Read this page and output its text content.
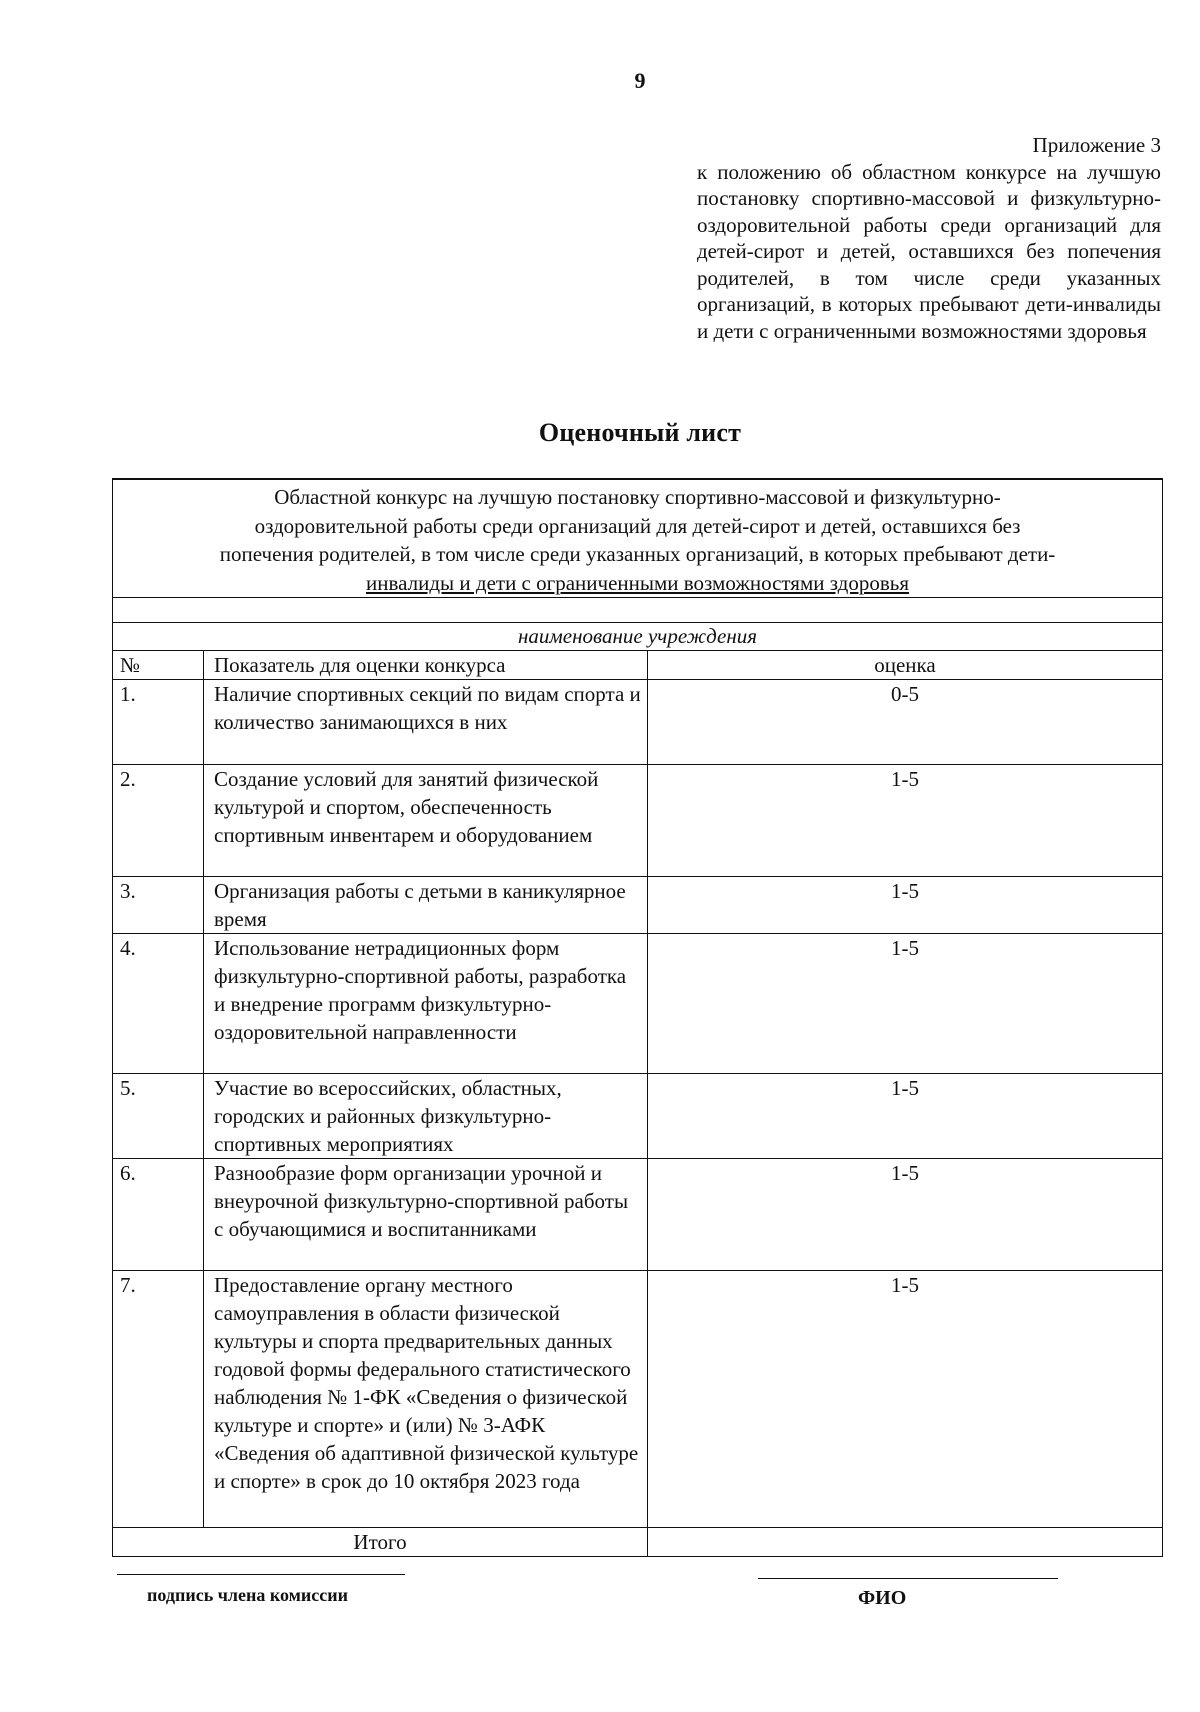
9
Приложение 3
к положению об областном конкурсе на лучшую постановку спортивно-массовой и физкультурно-оздоровительной работы среди организаций для детей-сирот и детей, оставшихся без попечения родителей, в том числе среди указанных организаций, в которых пребывают дети-инвалиды и дети с ограниченными возможностями здоровья
Оценочный лист
Областной конкурс на лучшую постановку спортивно-массовой и физкультурно-
оздоровительной работы среди организаций для детей-сирот и детей, оставшихся без
попечения родителей, в том числе среди указанных организаций, в которых пребывают дети-
инвалиды и дети с ограниченными возможностями здоровья		

наименование учреждения		
№	Показатель для оценки конкурса	оценка
1.	Наличие спортивных секций по видам спорта и количество занимающихся в них	0-5
2.	Создание условий для занятий физической культурой и спортом, обеспеченность спортивным инвентарем и оборудованием	1-5
3.	Организация работы с детьми в каникулярное время	1-5
4.	Использование нетрадиционных форм физкультурно-спортивной работы, разработка и внедрение программ физкультурно-оздоровительной направленности	1-5
5.	Участие во всероссийских, областных, городских и районных физкультурно-спортивных мероприятиях	1-5
6.	Разнообразие форм организации урочной и внеурочной физкультурно-спортивной работы с обучающимися и воспитанниками	1-5
7.	Предоставление органу местного самоуправления в области физической культуры и спорта предварительных данных годовой формы федерального статистического наблюдения № 1-ФК «Сведения о физической культуре и спорте» и (или) № 3-АФК «Сведения об адаптивной физической культуре и спорте» в срок до 10 октября 2023 года	1-5
Итого		
подпись члена комиссии	ФИО
